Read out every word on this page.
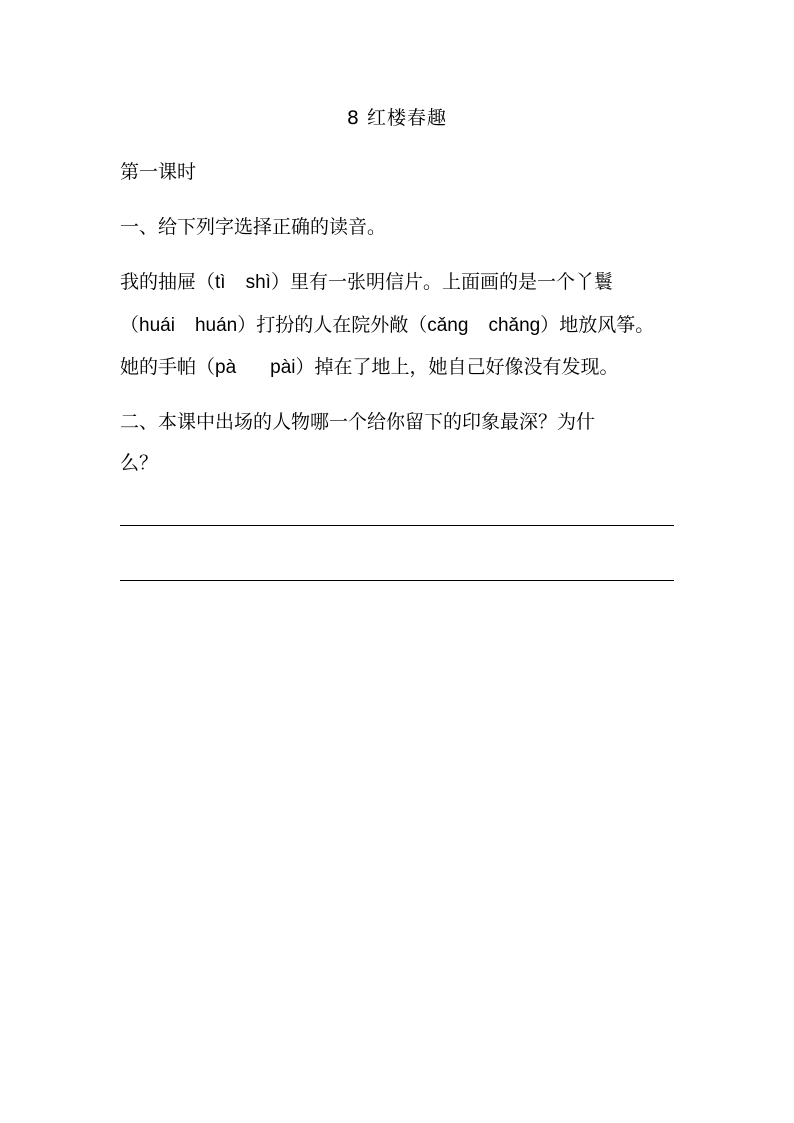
8 红楼春趣
第一课时
一、给下列字选择正确的读音。
我的抽屉（tì shì）里有一张明信片。上面画的是一个丫鬟
（huái huán）打扮的人在院外敞（cǎng chǎng）地放风筝。
她的手帕（pà pài）掉在了地上，她自己好像没有发现。
二、本课中出场的人物哪一个给你留下的印象最深？为什
么？
